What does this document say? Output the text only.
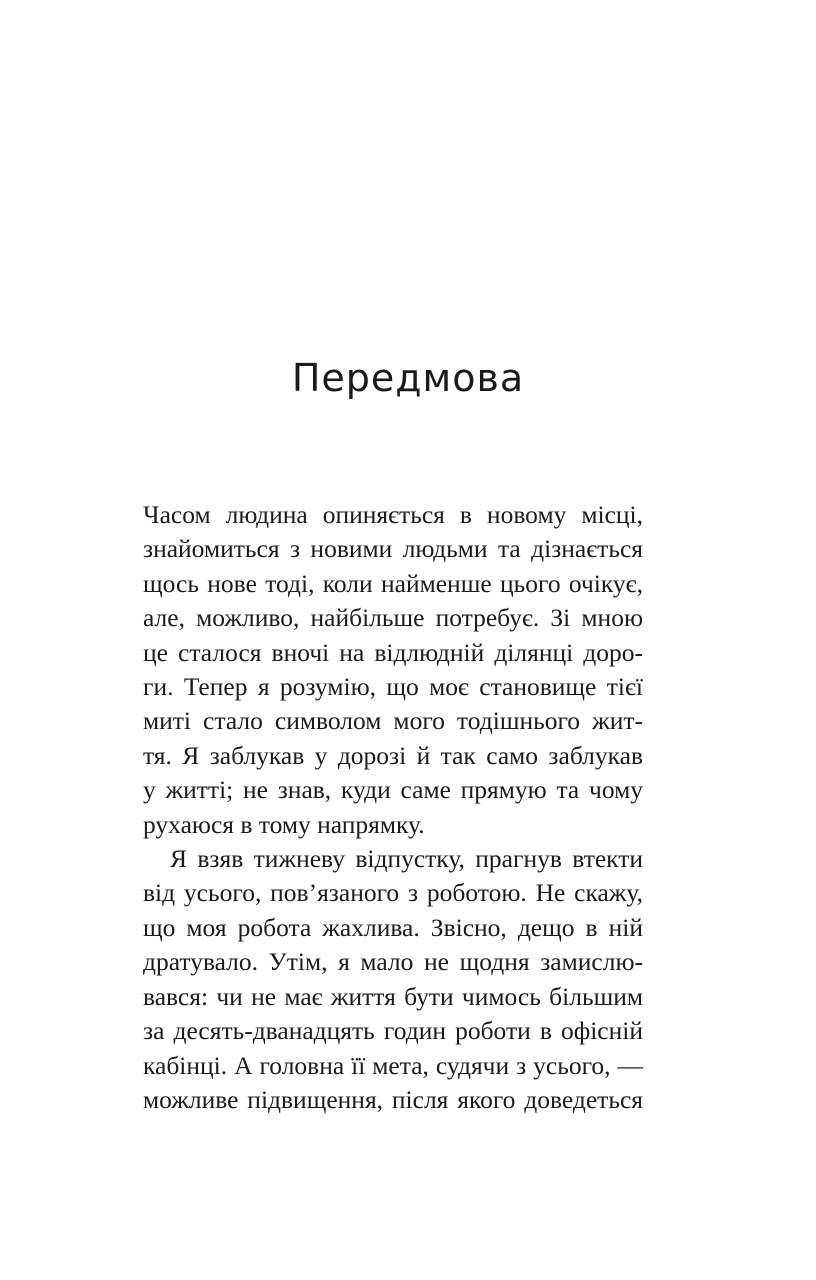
Передмова
Часом людина опиняється в новому місці,
знайомиться з новими людьми та дізнається
щось нове тоді, коли найменше цього очікує,
але, можливо, найбільше потребує. Зі мною
це сталося вночі на відлюдній ділянці доро-
ги. Тепер я розумію, що моє становище тієї
миті стало символом мого тодішнього жит-
тя. Я заблукав у дорозі й так само заблукав
у житті; не знав, куди саме прямую та чому
рухаюся в тому напрямку.
Я взяв тижневу відпустку, прагнув втекти
від усього, пов’язаного з роботою. Не скажу,
що моя робота жахлива. Звісно, дещо в ній
дратувало. Утім, я мало не щодня замислю-
вався: чи не має життя бути чимось більшим
за десять-дванадцять годин роботи в офісній
кабінці. А головна її мета, судячи з усього, —
можливе підвищення, після якого доведеться
